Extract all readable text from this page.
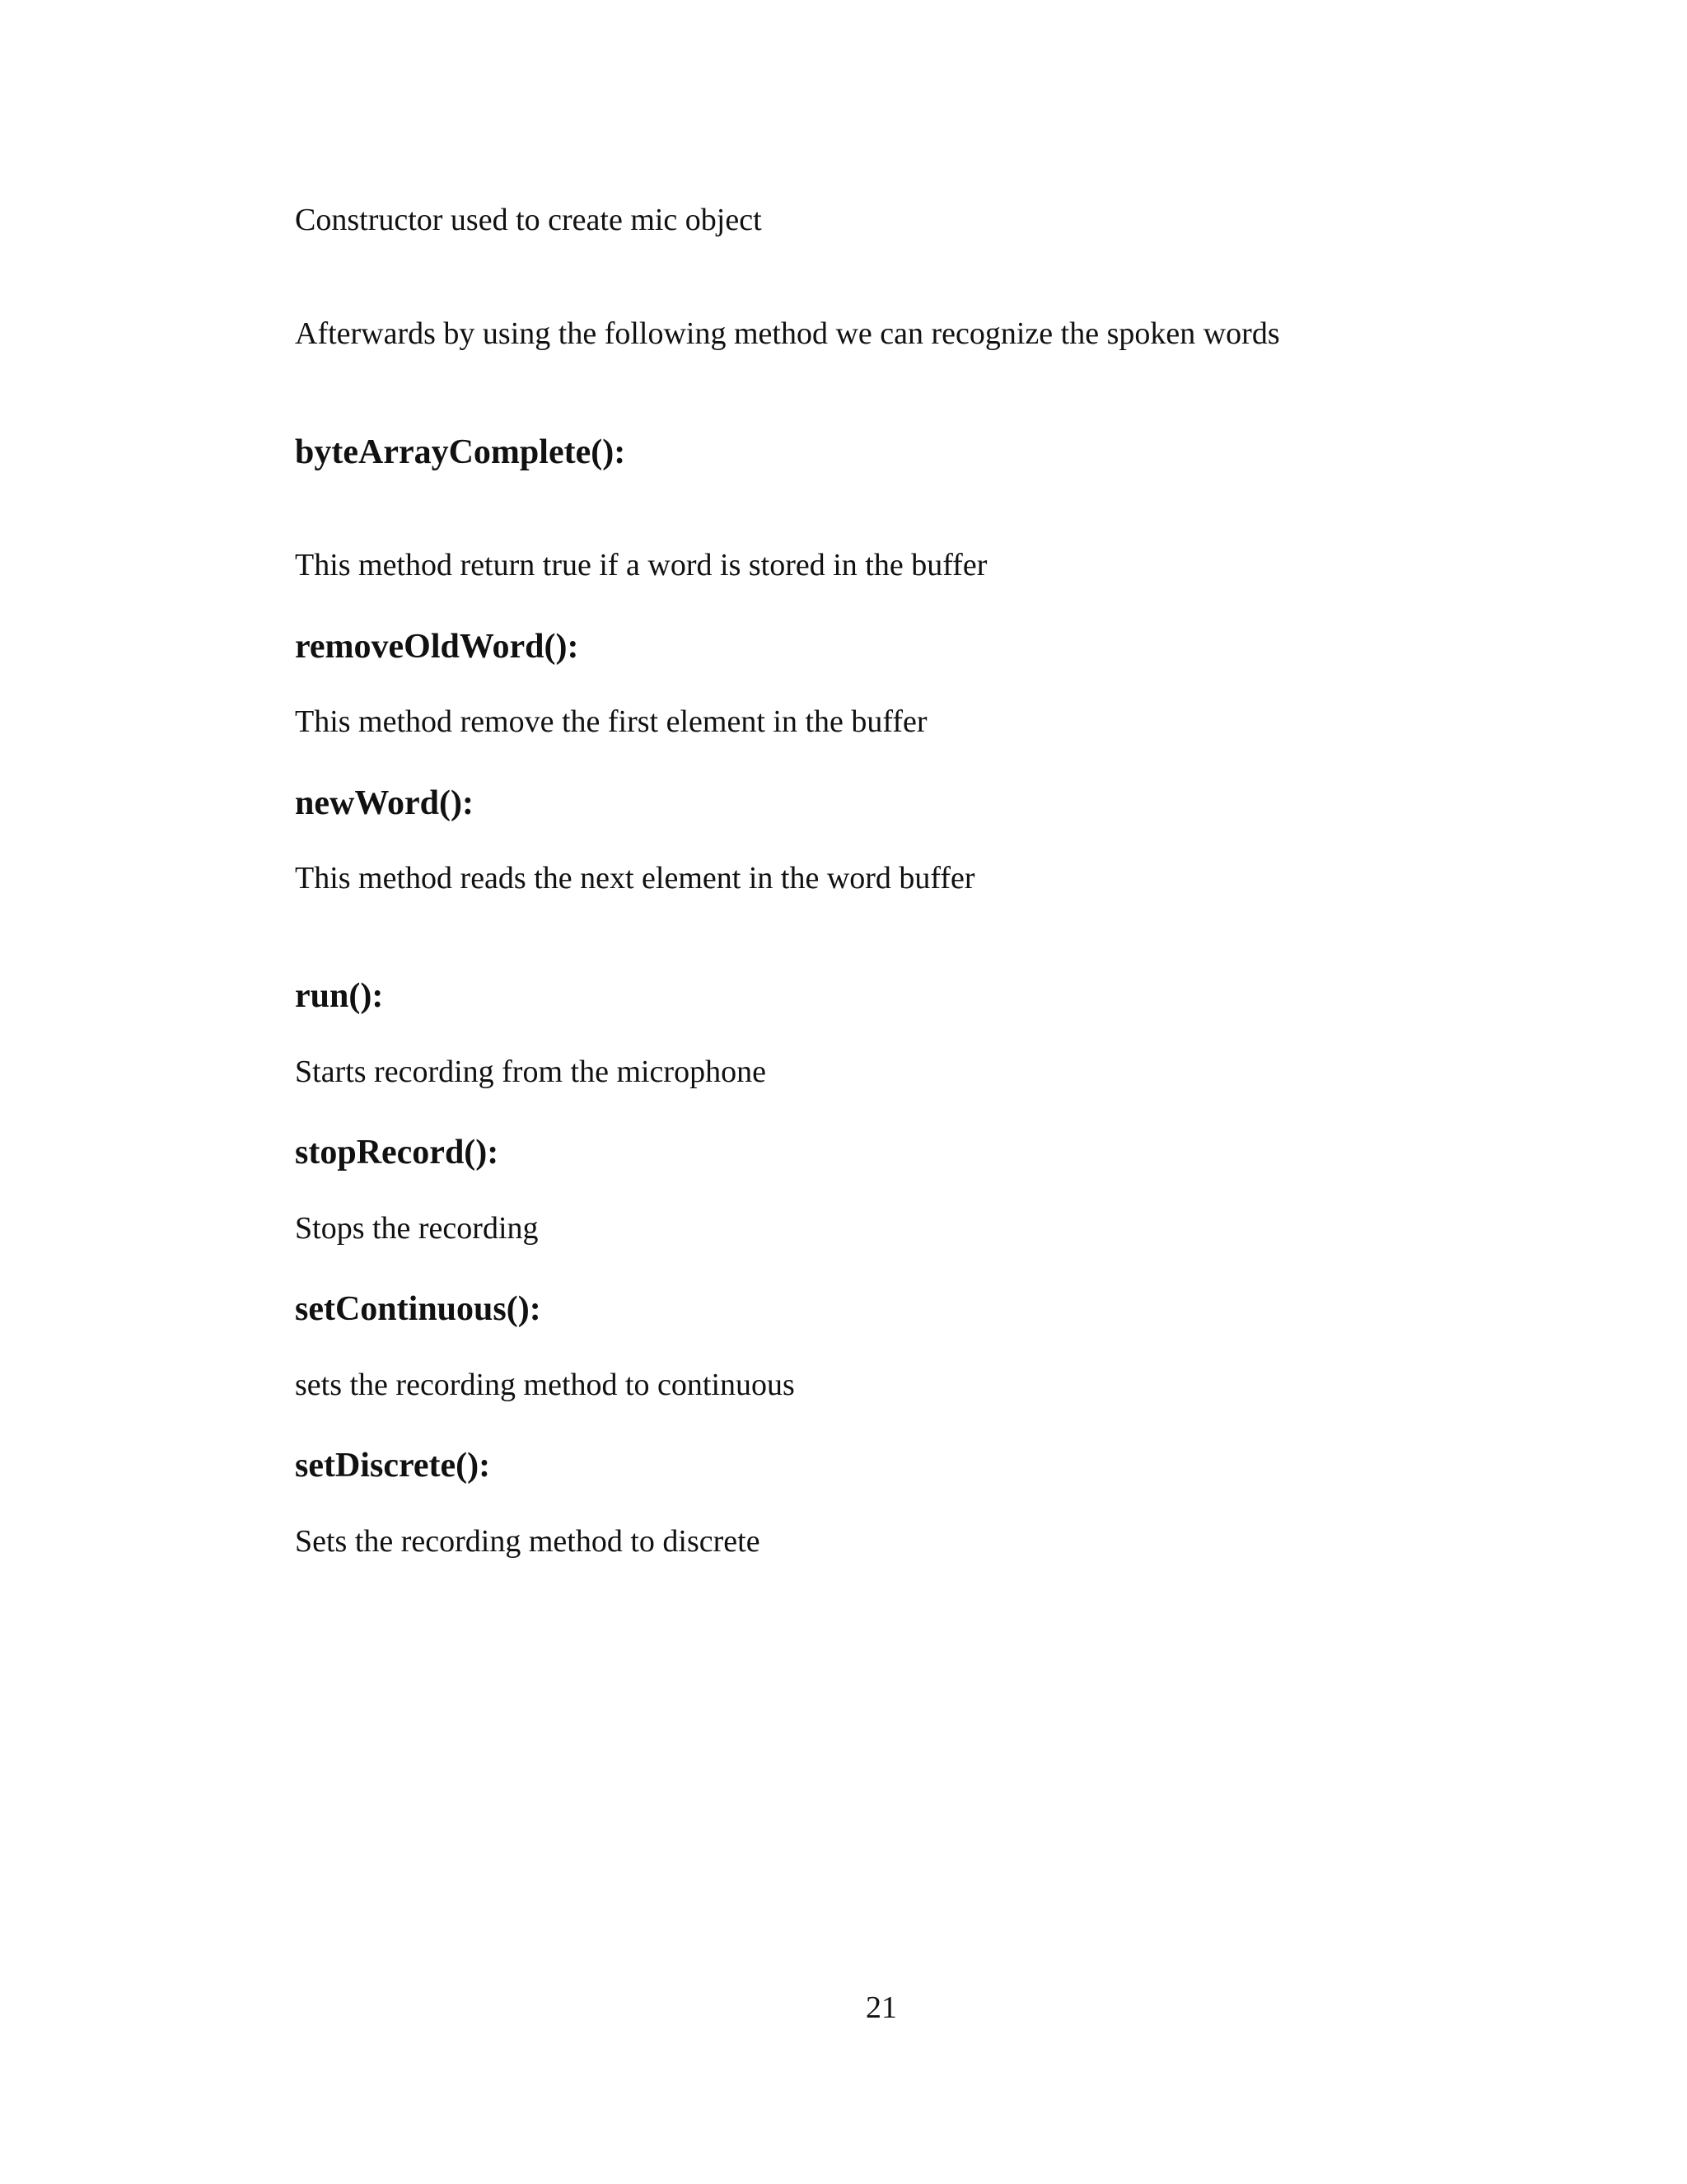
Constructor used to create mic object
Afterwards by using the following method we can recognize the spoken words
byteArrayComplete():
This method return true if a word is stored in the buffer
removeOldWord():
This method remove the first element in the buffer
newWord():
This method reads the next element in the word buffer
run():
Starts recording from the microphone
stopRecord():
Stops the recording
setContinuous():
sets the recording method to continuous
setDiscrete():
Sets the recording method to discrete
21
